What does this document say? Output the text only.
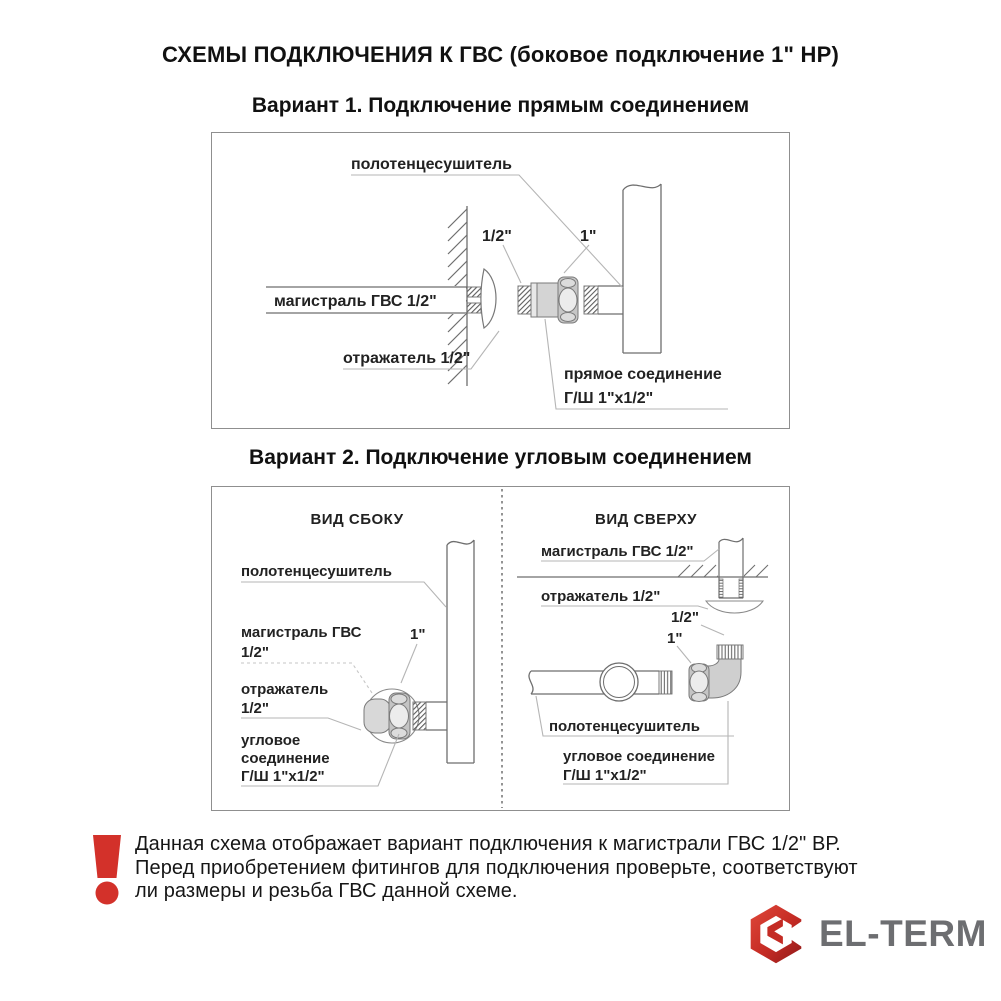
СХЕМЫ ПОДКЛЮЧЕНИЯ К ГВС (боковое подключение 1" НР)
Вариант 1. Подключение прямым соединением
магистраль ГВС 1/2"
полотенцесушитель
1/2"	1"
отражатель 1/2"
прямое соединение
Г/Ш 1"х1/2"
Вариант 2. Подключение угловым соединением
ВИД СБОКУ
полотенцесушитель
магистраль ГВС
1/2"
1"
отражатель
1/2"
угловое
соединение
Г/Ш 1"х1/2"
ВИД СВЕРХУ
магистраль ГВС 1/2"
отражатель 1/2"
1/2"
1"
полотенцесушитель
угловое соединение
Г/Ш 1"х1/2"
Данная схема отображает вариант подключения к магистрали ГВС 1/2" ВР.
Перед приобретением фитингов для подключения проверьте, соответствуют
ли размеры и резьба ГВС данной схеме.
EL-TERM
